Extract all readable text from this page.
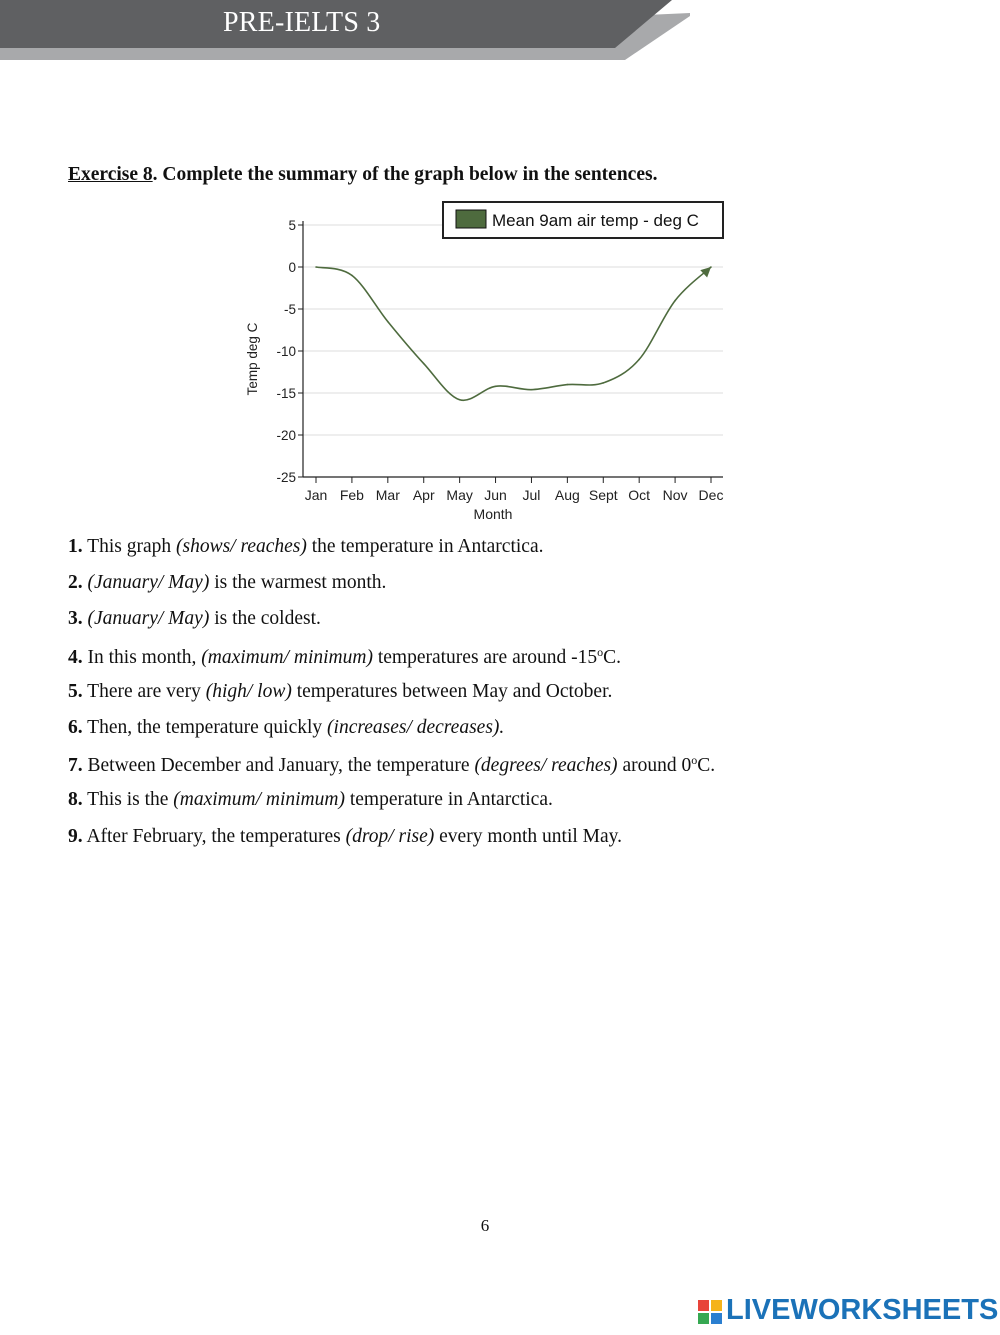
PRE-IELTS 3
Exercise 8. Complete the summary of the graph below in the sentences.
5
0
-5
-10
-15
-20
-25
Jan Feb Mar Apr May Jun Jul Aug Sept Oct Nov Dec
Mean 9am air temp - deg C
Temp deg C
Month
1. This graph (shows/ reaches) the temperature in Antarctica.
2. (January/ May) is the warmest month.
3. (January/ May) is the coldest.
4. In this month, (maximum/ minimum) temperatures are around -15$^o$C.
5. There are very (high/ low) temperatures between May and October.
6. Then, the temperature quickly (increases/ decreases).
7. Between December and January, the temperature (degrees/ reaches) around 0$^o$C.
8. This is the (maximum/ minimum) temperature in Antarctica.
9. After February, the temperatures (drop/ rise) every month until May.
6
LIVEWORKSHEETS
